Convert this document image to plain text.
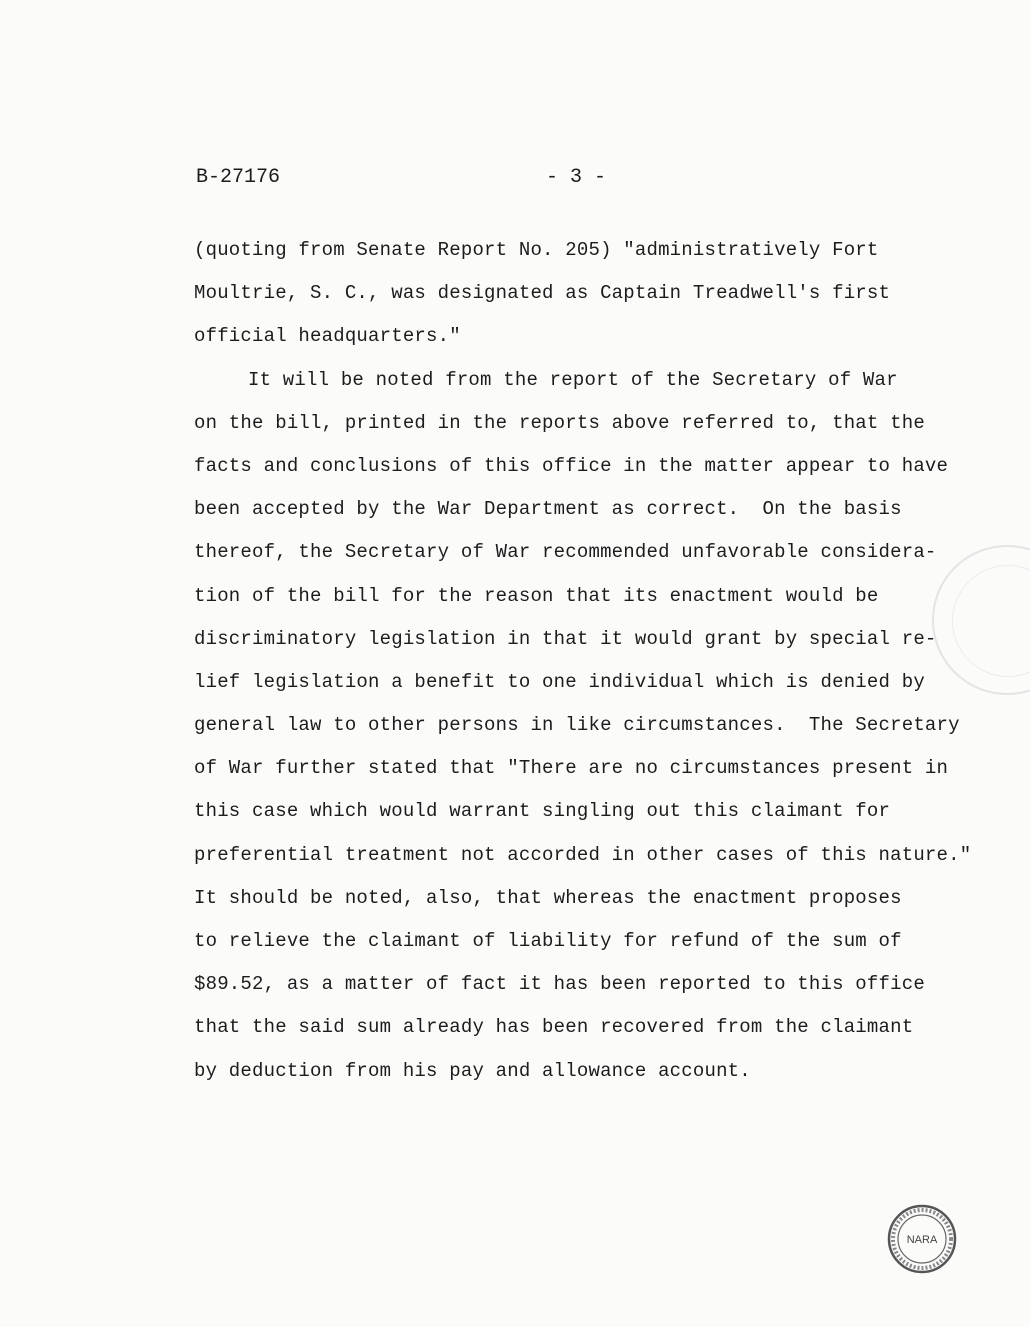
B-27176	- 3 -
(quoting from Senate Report No. 205) "administratively Fort
Moultrie, S. C., was designated as Captain Treadwell's first
official headquarters."
It will be noted from the report of the Secretary of War
on the bill, printed in the reports above referred to, that the
facts and conclusions of this office in the matter appear to have
been accepted by the War Department as correct.  On the basis
thereof, the Secretary of War recommended unfavorable considera-
tion of the bill for the reason that its enactment would be
discriminatory legislation in that it would grant by special re-
lief legislation a benefit to one individual which is denied by
general law to other persons in like circumstances.  The Secretary
of War further stated that "There are no circumstances present in
this case which would warrant singling out this claimant for
preferential treatment not accorded in other cases of this nature."
It should be noted, also, that whereas the enactment proposes
to relieve the claimant of liability for refund of the sum of
$89.52, as a matter of fact it has been reported to this office
that the said sum already has been recovered from the claimant
by deduction from his pay and allowance account.
NARA
